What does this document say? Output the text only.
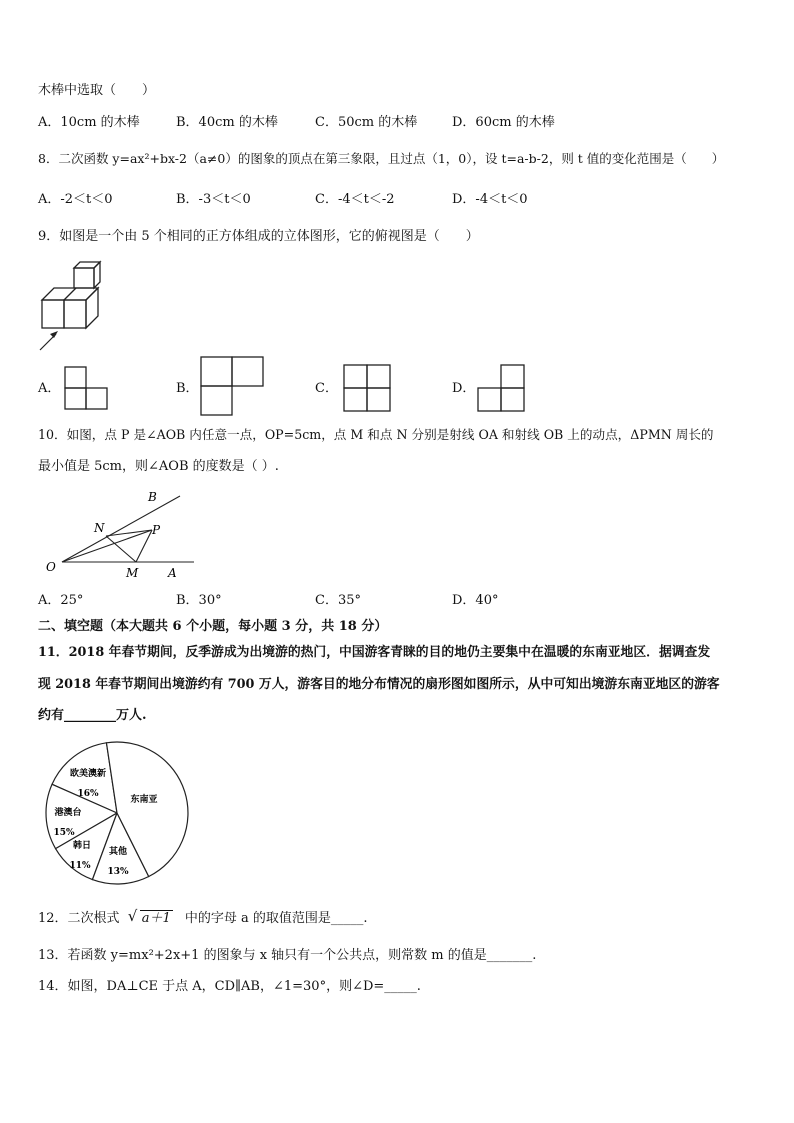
木棒中选取（　　）
A．10cm 的木棒	B．40cm 的木棒	C．50cm 的木棒	D．60cm 的木棒
8．二次函数 y=ax²+bx-2（a≠0）的图象的顶点在第三象限，且过点（1，0），设 t=a-b-2，则 t 值的变化范围是（　　）
A．-2＜t＜0	B．-3＜t＜0	C．-4＜t＜-2	D．-4＜t＜0
9．如图是一个由 5 个相同的正方体组成的立体图形，它的俯视图是（　　）
A．	B．	C．	D．
10．如图，点 P 是∠AOB 内任意一点，OP=5cm，点 M 和点 N 分别是射线 OA 和射线 OB 上的动点，ΔPMN 周长的
最小值是 5cm，则∠AOB 的度数是（ ）.
B
N	P
O	M A
A．25°	B．30°	C．35°	D．40°
二、填空题（本大题共 6 个小题，每小题 3 分，共 18 分）
11．2018 年春节期间，反季游成为出境游的热门，中国游客青睐的目的地仍主要集中在温暖的东南亚地区．据调查发
现 2018 年春节期间出境游约有 700 万人，游客目的地分布情况的扇形图如图所示，从中可知出境游东南亚地区的游客
约有________万人.
欧美澳新
16%
港澳台
15%
韩日
11%
其他
13%
东南亚
12．二次根式 √ a＋1 中的字母 a 的取值范围是_____.
13．若函数 y=mx²+2x+1 的图象与 x 轴只有一个公共点，则常数 m 的值是_______.
14．如图，DA⊥CE 于点 A，CD∥AB，∠1=30°，则∠D=_____.
